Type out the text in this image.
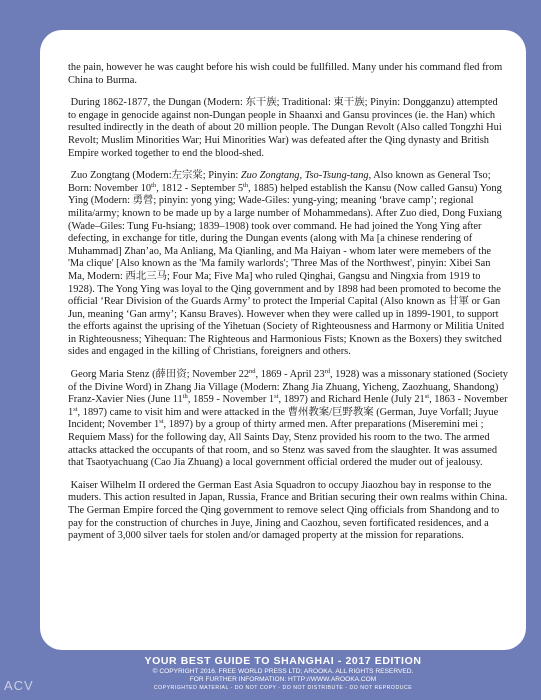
the pain, however he was caught before his wish could be fullfilled. Many under his command fled from China to Burma.

During 1862-1877, the Dungan (Modern: 东干族; Traditional: 東干族; Pinyin: Dongganzu) attempted to engage in genocide against non-Dungan people in Shaanxi and Gansu provinces (ie. the Han) which resulted indirectly in the death of about 20 million people. The Dungan Revolt (Also called Tongzhi Hui Revolt; Muslim Minorities War; Hui Minorities War) was defeated after the Qing dynasty and British Empire worked together to end the blood-shed.

Zuo Zongtang (Modern:左宗棠; Pinyin: Zuo Zongtang, Tso-Tsung-tang, Also known as General Tso; Born: November 10th, 1812 - September 5th, 1885) helped establish the Kansu (Now called Gansu) Yong Ying (Modern: 勇營; pinyin: yong ying; Wade-Giles: yung-ying; meaning ‘brave camp’; regional milita/army; known to be made up by a large number of Mohammedans). After Zuo died, Dong Fuxiang (Wade–Giles: Tung Fu-hsiang; 1839–1908) took over command. He had joined the Yong Ying after defecting, in exchange for title, during the Dungan events (along with Ma [a chinese rendering of Muhammad] Zhan’ao, Ma Anliang, Ma Qianling, and Ma Haiyan - whom later were memebers of the 'Ma clique' [Also known as the 'Ma family warlords'; 'Three Mas of the Northwest', pinyin: Xibei San Ma, Modern: 西北三马; Four Ma; Five Ma] who ruled Qinghai, Gangsu and Ningxia from 1919 to 1928). The Yong Ying was loyal to the Qing government and by 1898 had been promoted to become the official ‘Rear Division of the Guards Army’ to protect the Imperial Capital (Also known as 甘軍 or Gan Jun, meaning ‘Gan army’; Kansu Braves). However when they were called up in 1899-1901, to support the efforts against the uprising of the Yihetuan (Society of Righteousness and Harmony or Militia United in Righteousness; Yihequan: The Righteous and Harmonious Fists; Known as the Boxers) they switched sides and engaged in the killing of Christians, foreigners and others.

Georg Maria Stenz (薛田资; November 22nd, 1869 - April 23rd, 1928) was a missonary stationed (Society of the Divine Word) in Zhang Jia Village (Modern: Zhang Jia Zhuang, Yicheng, Zaozhuang, Shandong) Franz-Xavier Nies (June 11th, 1859 - November 1st, 1897) and Richard Henle (July 21st, 1863 - November 1st, 1897) came to visit him and were attacked in the 曹州教案/巨野教案 (German, Juye Vorfall; Juyue Incident; November 1st, 1897) by a group of thirty armed men. After preparations (Miseremini mei ; Requiem Mass) for the following day, All Saints Day, Stenz provided his room to the two. The armed attacks attacked the occupants of that room, and so Stenz was saved from the slaughter. It was assumed that Tsaotyachuang (Cao Jia Zhuang) a local government official ordered the muder out of jealousy.

Kaiser Wilhelm II ordered the German East Asia Squadron to occupy Jiaozhou bay in response to the muders. This action resulted in Japan, Russia, France and Britian securing their own realms within China. The German Empire forced the Qing government to remove select Qing officials from Shandong and to pay for the construction of churches in Juye, Jining and Caozhou, seven fortificated residences, and a payment of 3,000 silver taels for stolen and/or damaged property at the mission for reparations.

YOUR BEST GUIDE TO SHANGHAI - 2017 EDITION
© COPYRIGHT 2016. FREE WORLD PRESS LTD; AROOKA. ALL RIGHTS RESERVED.
FOR FURTHER INFORMATION: HTTP://WWW.AROOKA.COM
COPYRIGHTED MATERIAL - DO NOT COPY - DO NOT DISTRIBUTE - DO NOT REPRODUCE
ACV
